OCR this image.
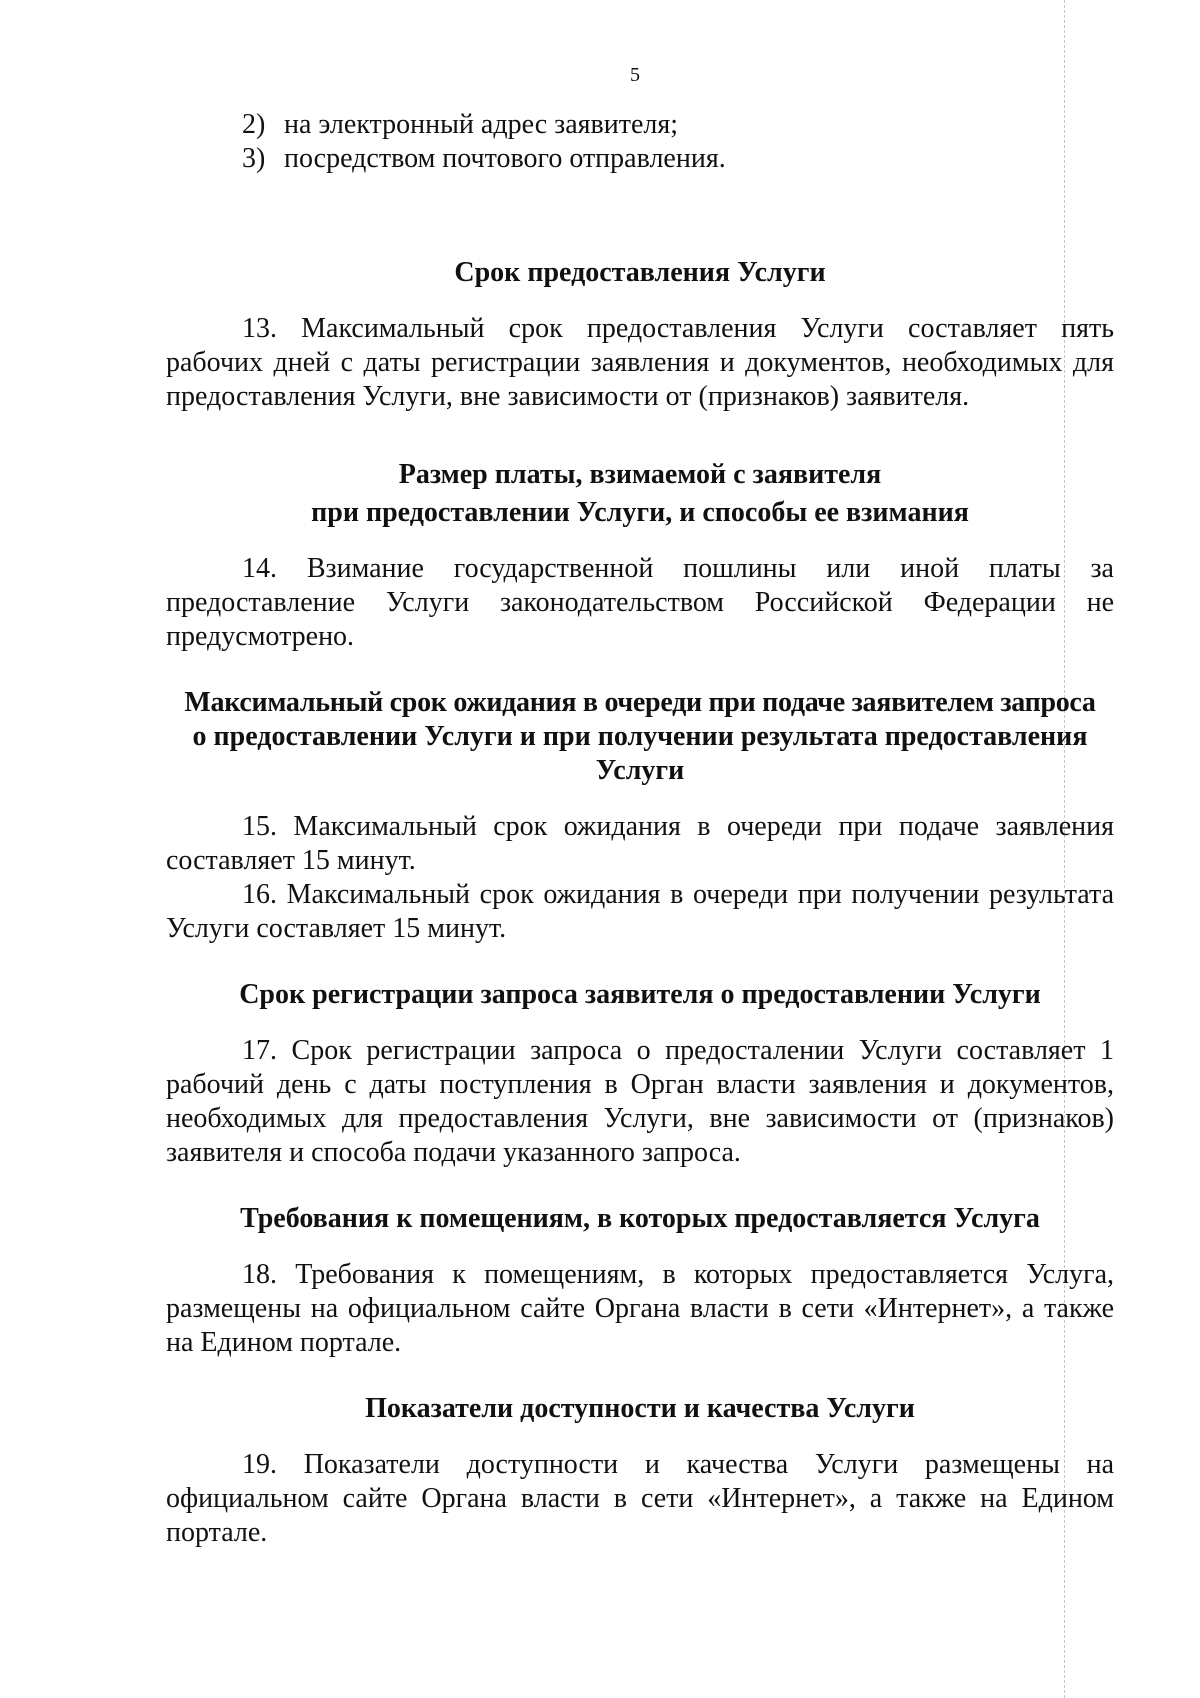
5

2) на электронный адрес заявителя;

3) посредством почтового отправления.

Срок предоставления Услуги

13. Максимальный срок предоставления Услуги составляет пять рабочих дней с даты регистрации заявления и документов, необходимых для предоставления Услуги, вне зависимости от (признаков) заявителя.

Размер платы, взимаемой с заявителя

при предоставлении Услуги, и способы ее взимания

14. Взимание государственной пошлины или иной платы за предоставление Услуги законодательством Российской Федерации не предусмотрено.

Максимальный срок ожидания в очереди при подаче заявителем запроса

о предоставлении Услуги и при получении результата предоставления

Услуги

15. Максимальный срок ожидания в очереди при подаче заявления составляет 15 минут.

16. Максимальный срок ожидания в очереди при получении результата Услуги составляет 15 минут.

Срок регистрации запроса заявителя о предоставлении Услуги

17. Срок регистрации запроса о предосталении Услуги составляет 1 рабочий день с даты поступления в Орган власти заявления и документов, необходимых для предоставления Услуги, вне зависимости от (признаков) заявителя и способа подачи указанного запроса.

Требования к помещениям, в которых предоставляется Услуга

18. Требования к помещениям, в которых предоставляется Услуга, размещены на официальном сайте Органа власти в сети «Интернет», а также на Едином портале.

Показатели доступности и качества Услуги

19. Показатели доступности и качества Услуги размещены на официальном сайте Органа власти в сети «Интернет», а также на Едином портале.
